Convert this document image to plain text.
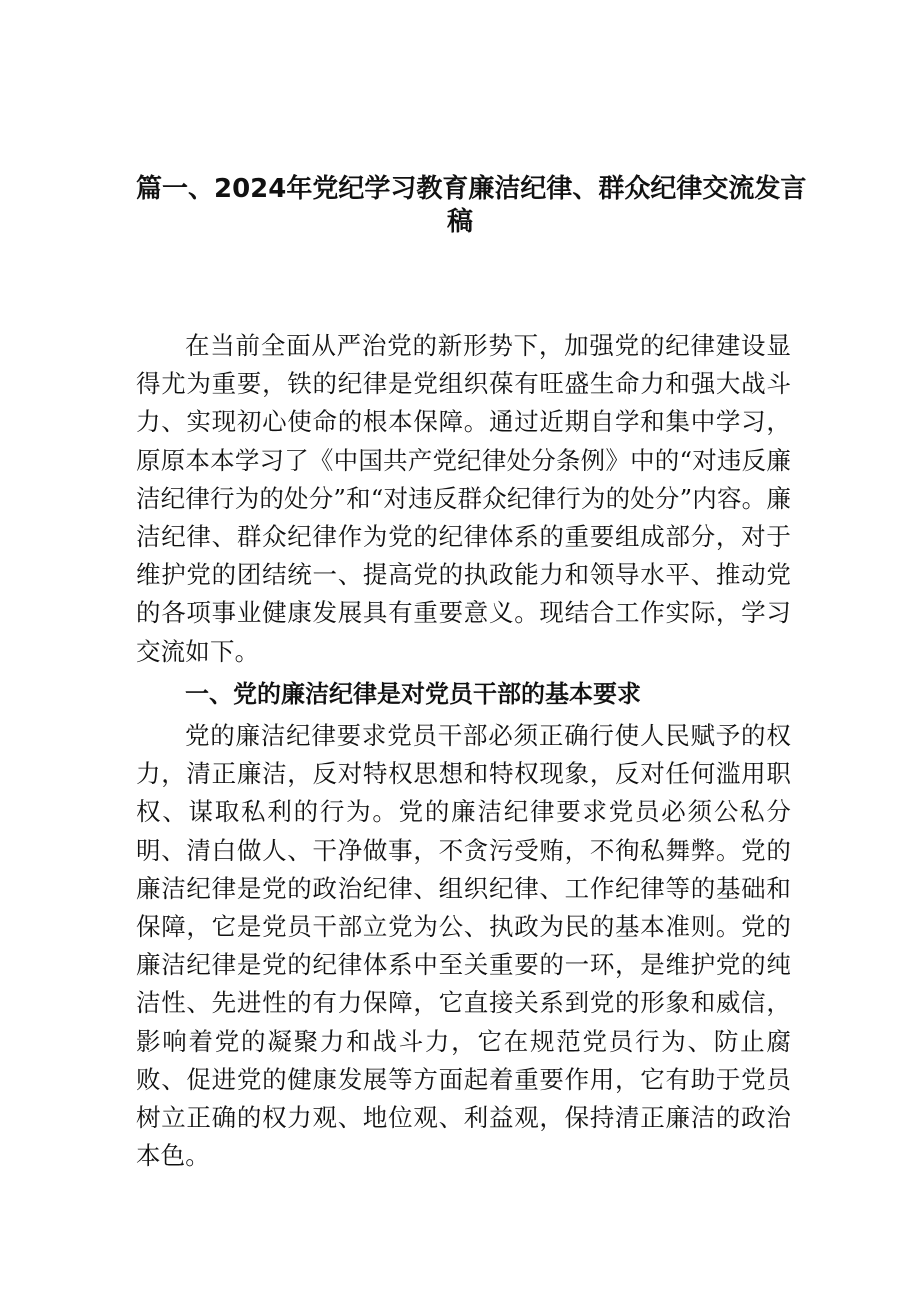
篇一、2024年党纪学习教育廉洁纪律、群众纪律交流发言
稿

在当前全面从严治党的新形势下，加强党的纪律建设显得尤为重要，铁的纪律是党组织葆有旺盛生命力和强大战斗力、实现初心使命的根本保障。通过近期自学和集中学习，原原本本学习了《中国共产党纪律处分条例》中的“对违反廉洁纪律行为的处分”和“对违反群众纪律行为的处分”内容。廉洁纪律、群众纪律作为党的纪律体系的重要组成部分，对于维护党的团结统一、提高党的执政能力和领导水平、推动党的各项事业健康发展具有重要意义。现结合工作实际，学习交流如下。

一、党的廉洁纪律是对党员干部的基本要求

党的廉洁纪律要求党员干部必须正确行使人民赋予的权力，清正廉洁，反对特权思想和特权现象，反对任何滥用职权、谋取私利的行为。党的廉洁纪律要求党员必须公私分明、清白做人、干净做事，不贪污受贿，不徇私舞弊。党的廉洁纪律是党的政治纪律、组织纪律、工作纪律等的基础和保障，它是党员干部立党为公、执政为民的基本准则。党的廉洁纪律是党的纪律体系中至关重要的一环，是维护党的纯洁性、先进性的有力保障，它直接关系到党的形象和威信，影响着党的凝聚力和战斗力，它在规范党员行为、防止腐败、促进党的健康发展等方面起着重要作用，它有助于党员树立正确的权力观、地位观、利益观，保持清正廉洁的政治本色。
